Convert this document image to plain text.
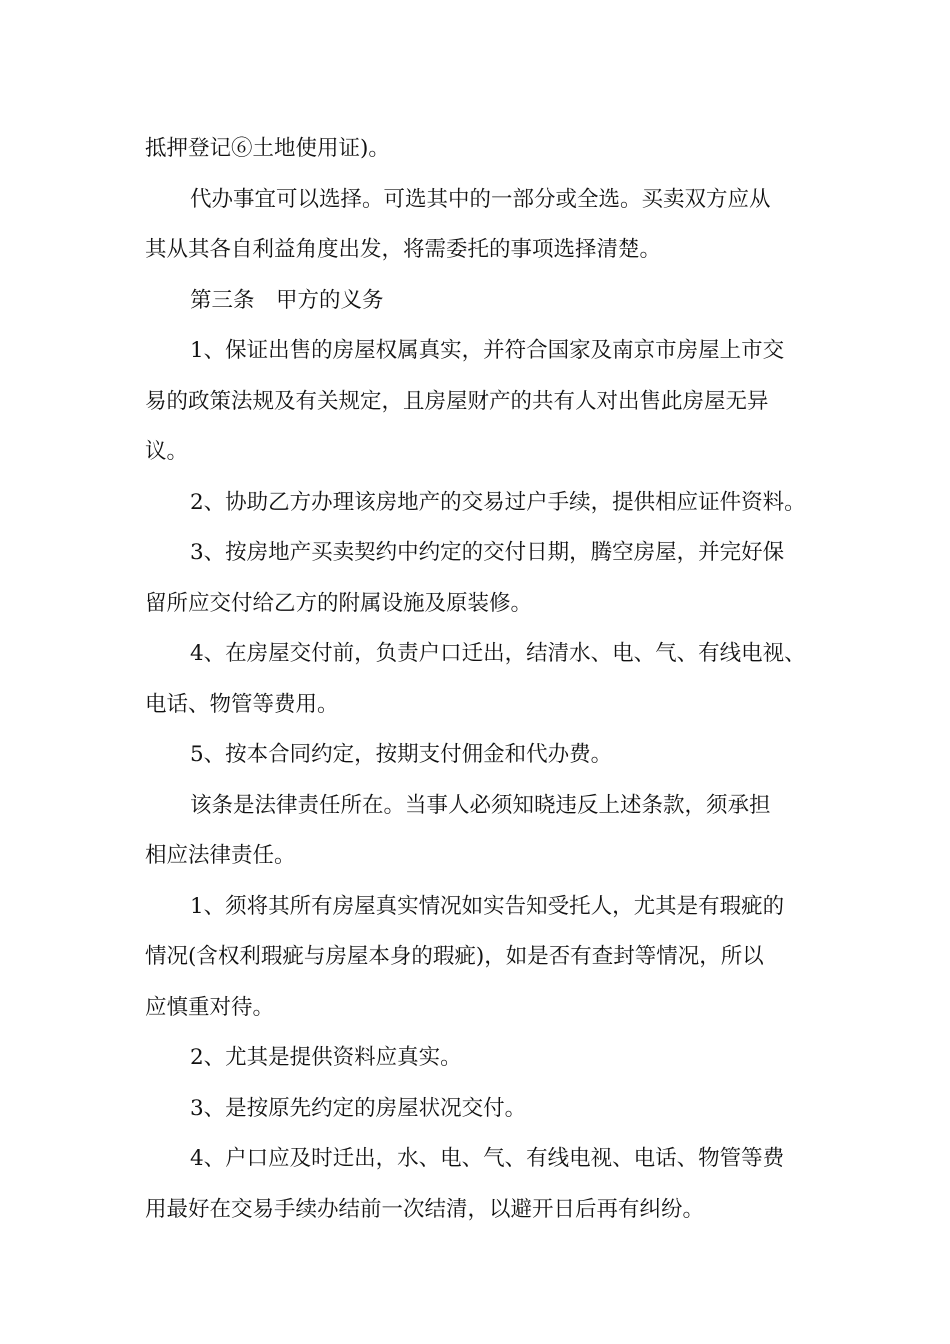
抵押登记⑥土地使用证)。
代办事宜可以选择。可选其中的一部分或全选。买卖双方应从
其从其各自利益角度出发，将需委托的事项选择清楚。
第三条　甲方的义务
1、保证出售的房屋权属真实，并符合国家及南京市房屋上市交
易的政策法规及有关规定，且房屋财产的共有人对出售此房屋无异
议。
2、协助乙方办理该房地产的交易过户手续，提供相应证件资料。
3、按房地产买卖契约中约定的交付日期，腾空房屋，并完好保
留所应交付给乙方的附属设施及原装修。
4、在房屋交付前，负责户口迁出，结清水、电、气、有线电视、
电话、物管等费用。
5、按本合同约定，按期支付佣金和代办费。
该条是法律责任所在。当事人必须知晓违反上述条款，须承担
相应法律责任。
1、须将其所有房屋真实情况如实告知受托人，尤其是有瑕疵的
情况(含权利瑕疵与房屋本身的瑕疵)，如是否有查封等情况，所以
应慎重对待。
2、尤其是提供资料应真实。
3、是按原先约定的房屋状况交付。
4、户口应及时迁出，水、电、气、有线电视、电话、物管等费
用最好在交易手续办结前一次结清，以避开日后再有纠纷。
